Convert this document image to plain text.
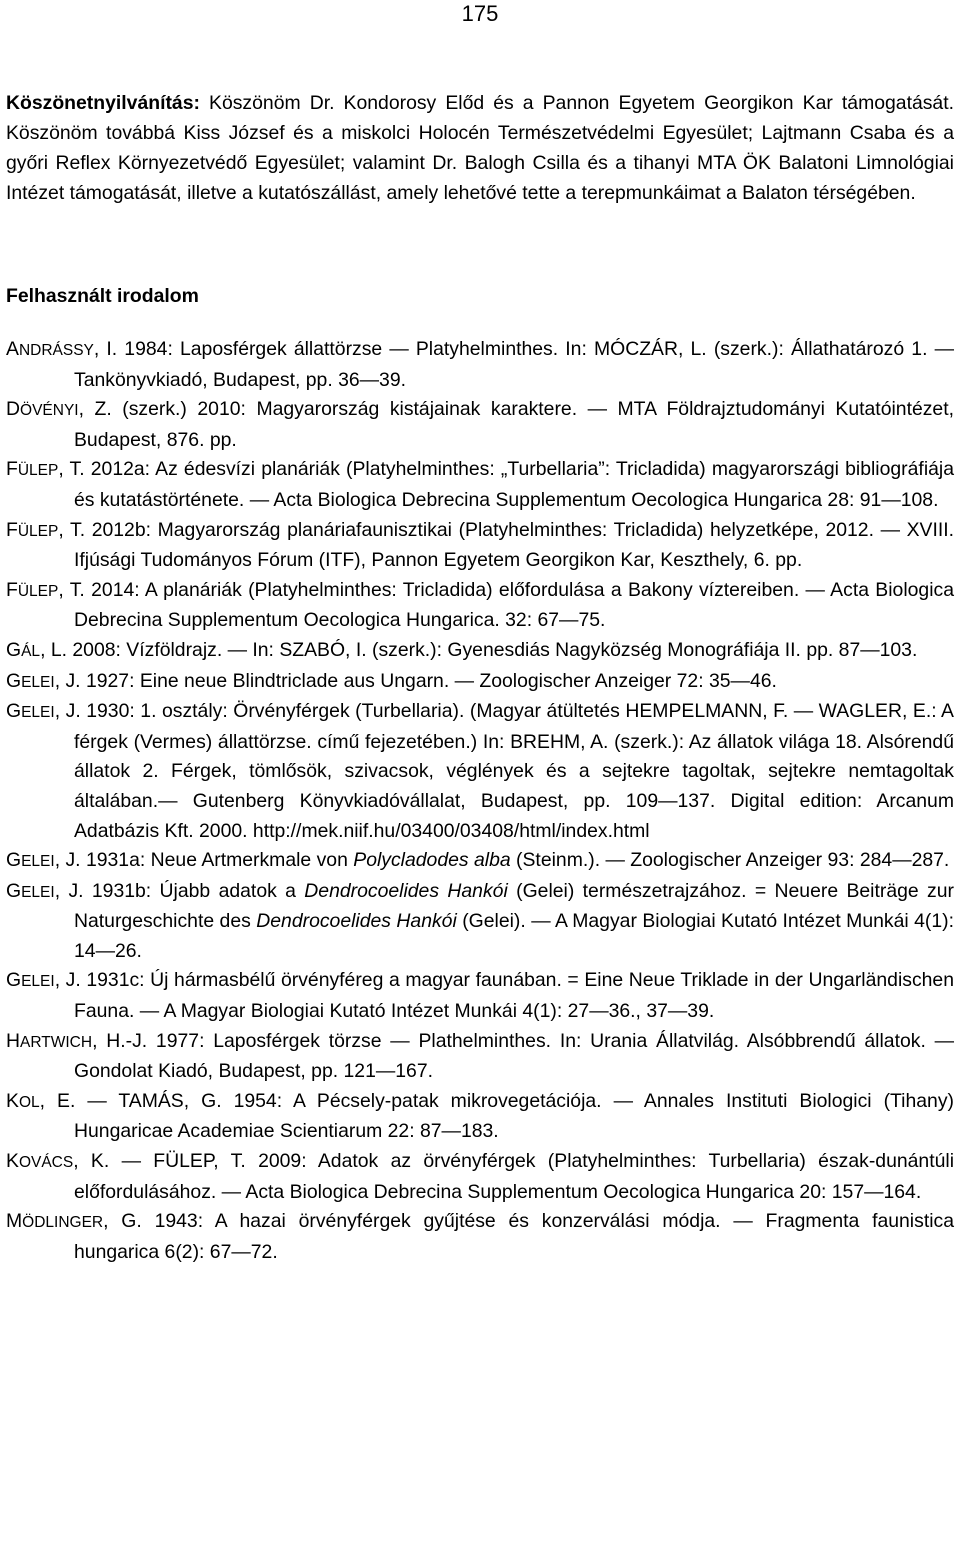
175
Köszönetnyilvánítás: Köszönöm Dr. Kondorosy Előd és a Pannon Egyetem Georgikon Kar támogatását. Köszönöm továbbá Kiss József és a miskolci Holocén Természetvédelmi Egyesület; Lajtmann Csaba és a győri Reflex Környezetvédő Egyesület; valamint Dr. Balogh Csilla és a tihanyi MTA ÖK Balatoni Limnológiai Intézet támogatását, illetve a kutatószállást, amely lehetővé tette a terepmunkáimat a Balaton térségében.
Felhasznált irodalom

ANDRÁSSY, I. 1984: Laposférgek állattörzse ― Platyhelminthes. In: MÓCZÁR, L. (szerk.): Állathatározó 1. ― Tankönyvkiadó, Budapest, pp. 36―39.

DÖVÉNYI, Z. (szerk.) 2010: Magyarország kistájainak karaktere. ― MTA Földrajztudományi Kutatóintézet, Budapest, 876. pp.

FÜLEP, T. 2012a: Az édesvízi planáriák (Platyhelminthes: „Turbellaria”: Tricladida) magyarországi bibliográfiája és kutatástörténete. ― Acta Biologica Debrecina Supplementum Oecologica Hungarica 28: 91―108.

FÜLEP, T. 2012b: Magyarország planáriafaunisztikai (Platyhelminthes: Tricladida) helyzetképe, 2012. ― XVIII. Ifjúsági Tudományos Fórum (ITF), Pannon Egyetem Georgikon Kar, Keszthely, 6. pp.

FÜLEP, T. 2014: A planáriák (Platyhelminthes: Tricladida) előfordulása a Bakony víztereiben. ― Acta Biologica Debrecina Supplementum Oecologica Hungarica. 32: 67―75.

GÁL, L. 2008: Vízföldrajz. ― In: SZABÓ, I. (szerk.): Gyenesdiás Nagyközség Monográfiája II. pp. 87―103.

GELEI, J. 1927: Eine neue Blindtriclade aus Ungarn. ― Zoologischer Anzeiger 72: 35―46.

GELEI, J. 1930: 1. osztály: Örvényférgek (Turbellaria). (Magyar átültetés HEMPELMANN, F. ― WAGLER, E.: A férgek (Vermes) állattörzse. című fejezetében.) In: BREHM, A. (szerk.): Az állatok világa 18. Alsórendű állatok 2. Férgek, tömlősök, szivacsok, véglények és a sejtekre tagoltak, sejtekre nemtagoltak általában.― Gutenberg Könyvkiadóvállalat, Budapest, pp. 109―137. Digital edition: Arcanum Adatbázis Kft. 2000. http://mek.niif.hu/03400/03408/html/index.html

GELEI, J. 1931a: Neue Artmerkmale von Polycladodes alba (Steinm.). ― Zoologischer Anzeiger 93: 284―287.

GELEI, J. 1931b: Újabb adatok a Dendrocoelides Hankói (Gelei) természetrajzához. = Neuere Beiträge zur Naturgeschichte des Dendrocoelides Hankói (Gelei). ― A Magyar Biologiai Kutató Intézet Munkái 4(1): 14―26.

GELEI, J. 1931c: Új hármasbélű örvényféreg a magyar faunában. = Eine Neue Triklade in der Ungarländischen Fauna. ― A Magyar Biologiai Kutató Intézet Munkái 4(1): 27―36., 37―39.

HARTWICH, H.-J. 1977: Laposférgek törzse ― Plathelminthes. In: Urania Állatvilág. Alsóbbrendű állatok. ― Gondolat Kiadó, Budapest, pp. 121―167.

KOL, E. ― TAMÁS, G. 1954: A Pécsely-patak mikrovegetációja. ― Annales Instituti Biologici (Tihany) Hungaricae Academiae Scientiarum 22: 87―183.

KOVÁCS, K. ― FÜLEP, T. 2009: Adatok az örvényférgek (Platyhelminthes: Turbellaria) észak-dunántúli előfordulásához. ― Acta Biologica Debrecina Supplementum Oecologica Hungarica 20: 157―164.

MÖDLINGER, G. 1943: A hazai örvényférgek gyűjtése és konzerválási módja. ― Fragmenta faunistica hungarica 6(2): 67―72.
